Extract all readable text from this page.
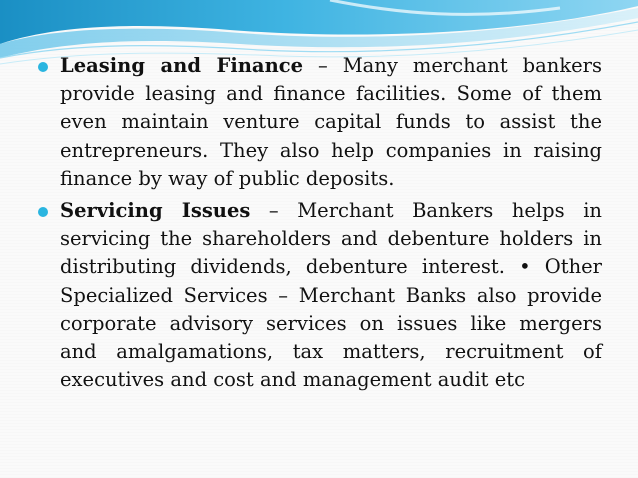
Leasing and Finance – Many merchant bankers provide leasing and finance facilities. Some of them even maintain venture capital funds to assist the entrepreneurs. They also help companies in raising finance by way of public deposits.

Servicing Issues – Merchant Bankers helps in servicing the shareholders and debenture holders in distributing dividends, debenture interest. • Other Specialized Services – Merchant Banks also provide corporate advisory services on issues like mergers and amalgamations, tax matters, recruitment of executives and cost and management audit etc
